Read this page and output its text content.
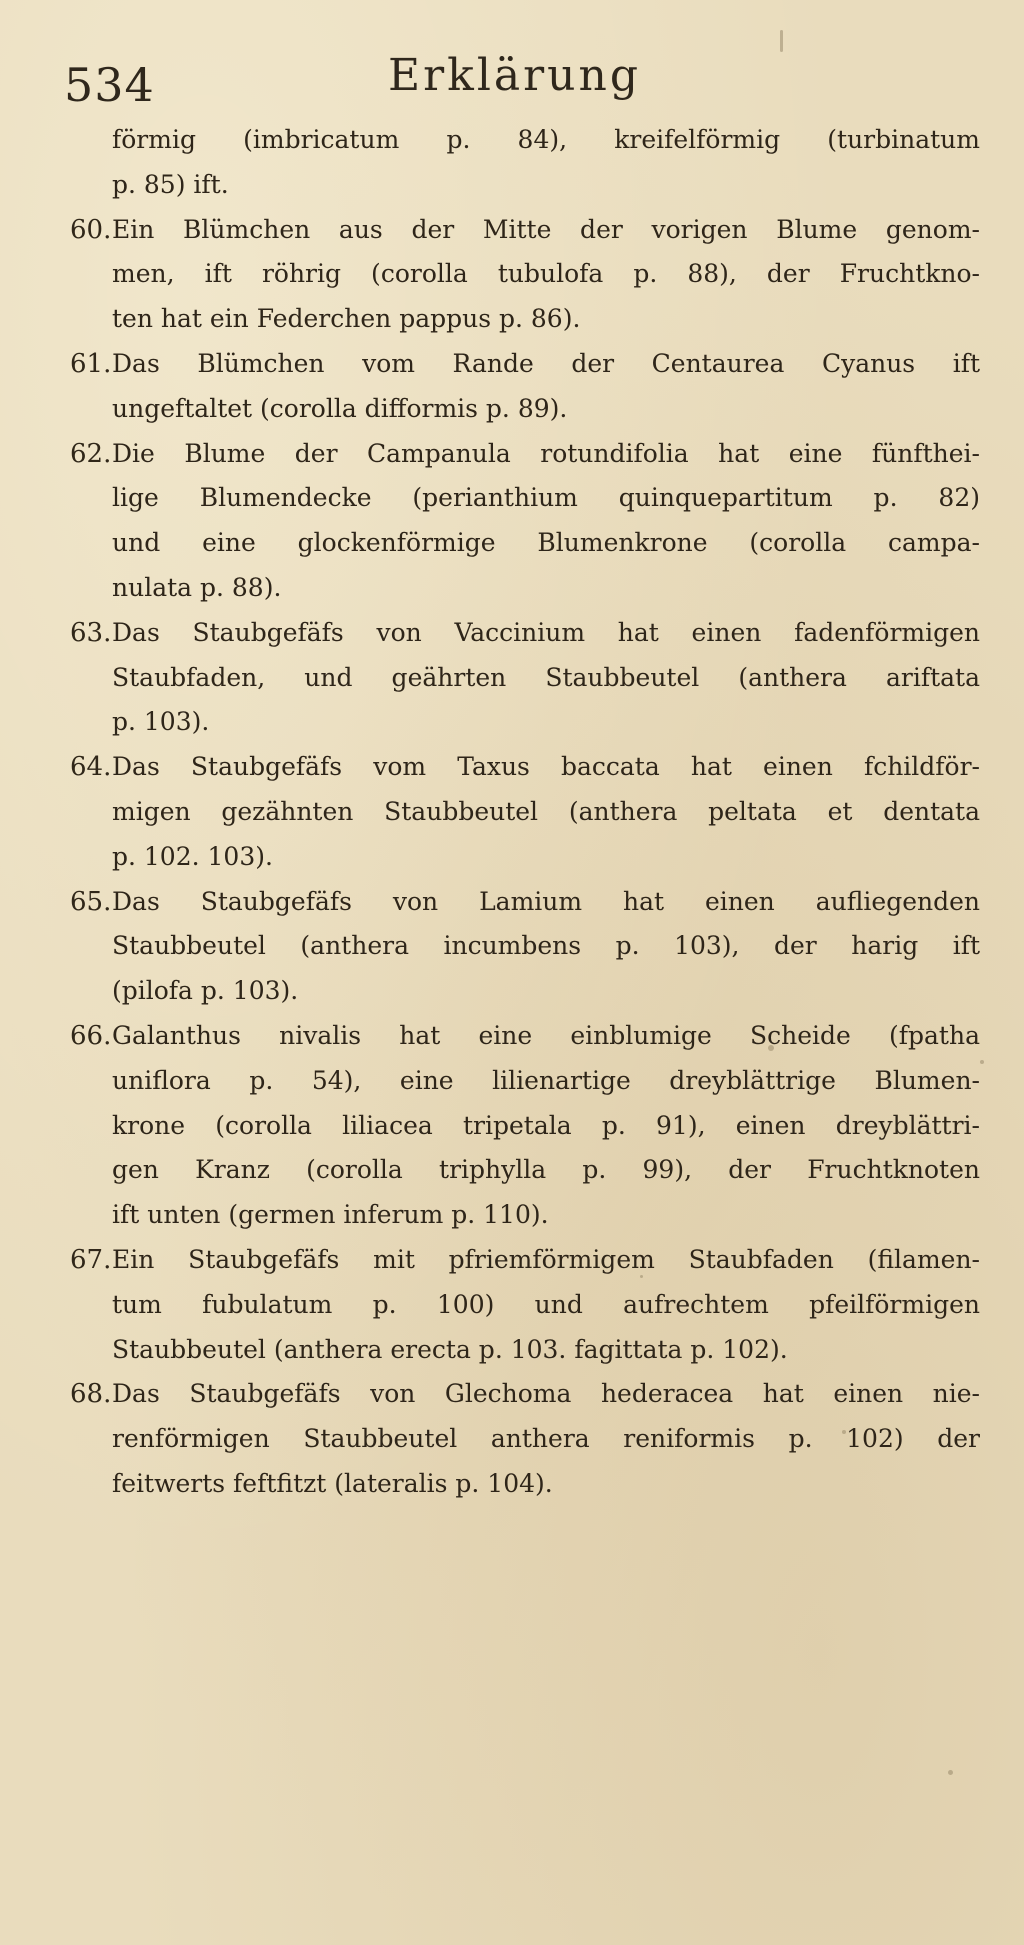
534	Erklärung
förmig (imbricatum p. 84), kreifelförmig (turbinatum
p. 85) ift.
60. Ein Blümchen aus der Mitte der vorigen Blume genom-
men, ift röhrig (corolla tubulofa p. 88), der Fruchtkno-
ten hat ein Federchen pappus p. 86).
61. Das Blümchen vom Rande der Centaurea Cyanus ift
ungeftaltet (corolla difformis p. 89).
62. Die Blume der Campanula rotundifolia hat eine fünfthei-
lige Blumendecke (perianthium quinquepartitum p. 82)
und eine glockenförmige Blumenkrone (corolla campa-
nulata p. 88).
63. Das Staubgefäfs von Vaccinium hat einen fadenförmigen
Staubfaden, und geährten Staubbeutel (anthera ariftata
p. 103).
64. Das Staubgefäfs vom Taxus baccata hat einen fchildför-
migen gezähnten Staubbeutel (anthera peltata et dentata
p. 102. 103).
65. Das Staubgefäfs von Lamium hat einen aufliegenden
Staubbeutel (anthera incumbens p. 103), der harig ift
(pilofa p. 103).
66. Galanthus nivalis hat eine einblumige Scheide (fpatha
uniflora p. 54), eine lilienartige dreyblättrige Blumen-
krone (corolla liliacea tripetala p. 91), einen dreyblättri-
gen Kranz (corolla triphylla p. 99), der Fruchtknoten
ift unten (germen inferum p. 110).
67. Ein Staubgefäfs mit pfriemförmigem Staubfaden (filamen-
tum fubulatum p. 100) und aufrechtem pfeilförmigen
Staubbeutel (anthera erecta p. 103. fagittata p. 102).
68. Das Staubgefäfs von Glechoma hederacea hat einen nie-
renförmigen Staubbeutel anthera reniformis p. 102) der
feitwerts feftfitzt (lateralis p. 104).
